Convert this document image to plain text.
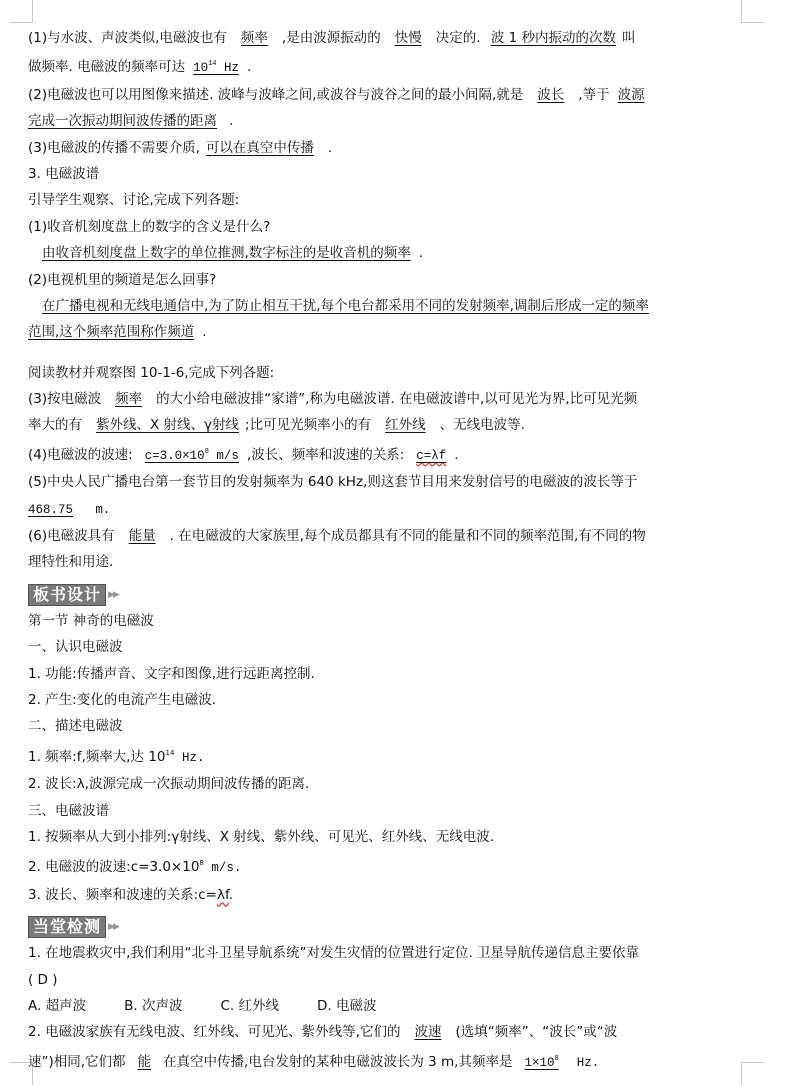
(1)与水波、声波类似,电磁波也有 频率 ,是由波源振动的 快慢 决定的. 波 1 秒内振动的次数 叫
做频率. 电磁波的频率可达 $10^{14}$ Hz .
(2)电磁波也可以用图像来描述. 波峰与波峰之间,或波谷与波谷之间的最小间隔,就是 波长 ,等于 波源
完成一次振动期间波传播的距离 .
(3)电磁波的传播不需要介质, 可以在真空中传播 .
3. 电磁波谱
引导学生观察、讨论,完成下列各题:
(1)收音机刻度盘上的数字的含义是什么?
由收音机刻度盘上数字的单位推测,数字标注的是收音机的频率 .
(2)电视机里的频道是怎么回事?
在广播电视和无线电通信中,为了防止相互干扰,每个电台都采用不同的发射频率,调制后形成一定的频率
范围,这个频率范围称作频道 .
阅读教材并观察图 10-1-6,完成下列各题:
(3)按电磁波 频率 的大小给电磁波排“家谱”,称为电磁波谱. 在电磁波谱中,以可见光为界,比可见光频
率大的有 紫外线、X 射线、γ射线 ;比可见光频率小的有 红外线 、无线电波等.
(4)电磁波的波速: $c=3.0\times 10^8$ m/s ,波长、频率和波速的关系: c=λf .
(5)中央人民广播电台第一套节目的发射频率为 640 kHz,则这套节目用来发射信号的电磁波的波长等于
468.75 m.
(6)电磁波具有 能量 . 在电磁波的大家族里,每个成员都具有不同的能量和不同的频率范围,有不同的物
理特性和用途.
板书设计 ▶▶
第一节 神奇的电磁波
一、认识电磁波
1. 功能:传播声音、文字和图像,进行远距离控制.
2. 产生:变化的电流产生电磁波.
二、描述电磁波
1. 频率:f,频率大,达 $10^{14}$ Hz.
2. 波长:λ,波源完成一次振动期间波传播的距离.
三、电磁波谱
1. 按频率从大到小排列:γ射线、X 射线、紫外线、可见光、红外线、无线电波.
2. 电磁波的波速$:c=3.0\times 10^8$ m/s.
3. 波长、频率和波速的关系:c=λf.
当堂检测 ▶▶
1. 在地震救灾中,我们利用“北斗卫星导航系统”对发生灾情的位置进行定位. 卫星导航传递信息主要依靠
( D )
A. 超声波	B. 次声波	C. 红外线	D. 电磁波
2. 电磁波家族有无线电波、红外线、可见光、紫外线等,它们的 波速 (选填“频率”、“波长”或“波
速”)相同,它们都 能 在真空中传播,电台发射的某种电磁波波长为 3 m,其频率是 $1\times 10^8$ Hz.
